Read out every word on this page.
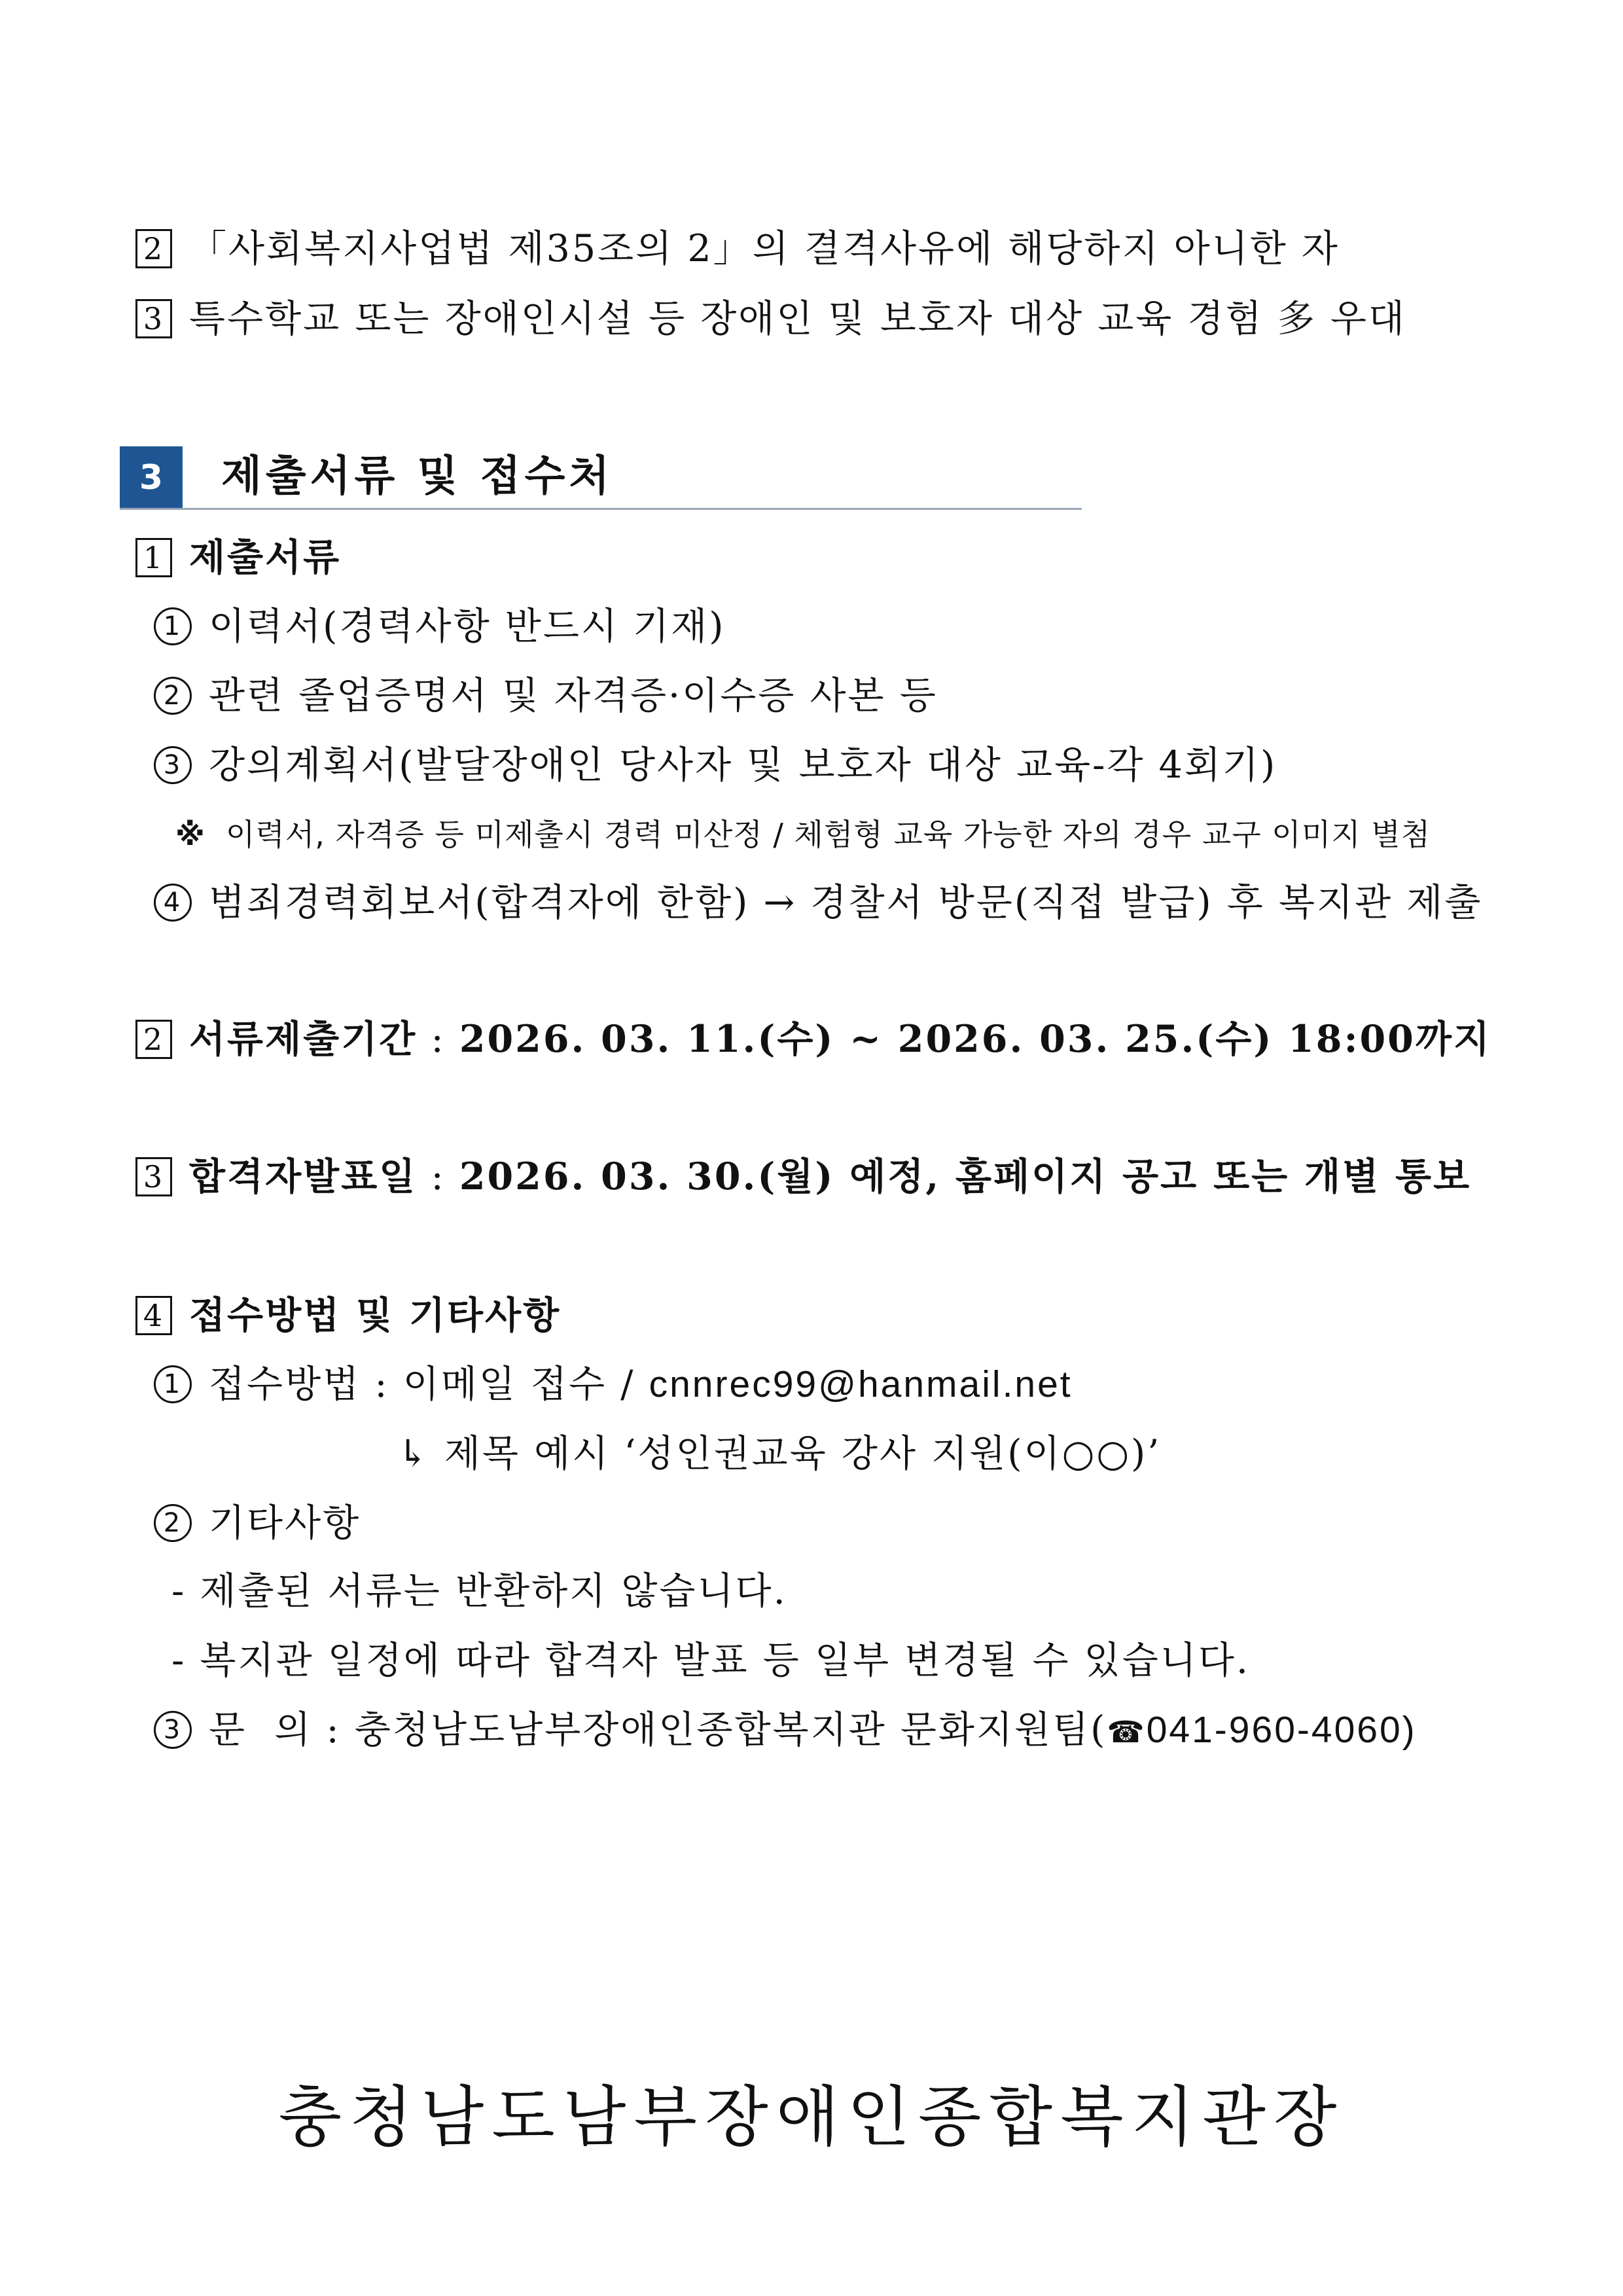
2 「사회복지사업법 제35조의 2」의 결격사유에 해당하지 아니한 자
3 특수학교 또는 장애인시설 등 장애인 및 보호자 대상 교육 경험 多 우대
3	제출서류 및 접수처
1 제출서류
1 이력서(경력사항 반드시 기재)
2 관련 졸업증명서 및 자격증·이수증 사본 등
3 강의계획서(발달장애인 당사자 및 보호자 대상 교육-각 4회기)
※ 이력서, 자격증 등 미제출시 경력 미산정 / 체험형 교육 가능한 자의 경우 교구 이미지 별첨
4 범죄경력회보서(합격자에 한함) → 경찰서 방문(직접 발급) 후 복지관 제출
2 서류제출기간 : 2026. 03. 11.(수) ~ 2026. 03. 25.(수) 18:00까지
3 합격자발표일 : 2026. 03. 30.(월) 예정, 홈페이지 공고 또는 개별 통보
4 접수방법 및 기타사항
1 접수방법 : 이메일 접수 / cnnrec99@hanmail.net
↳ 제목 예시 ‘성인권교육 강사 지원(이○○)’
2 기타사항
- 제출된 서류는 반환하지 않습니다.
- 복지관 일정에 따라 합격자 발표 등 일부 변경될 수 있습니다.
3 문  의 : 충청남도남부장애인종합복지관 문화지원팀(☎041-960-4060)
충청남도남부장애인종합복지관장
